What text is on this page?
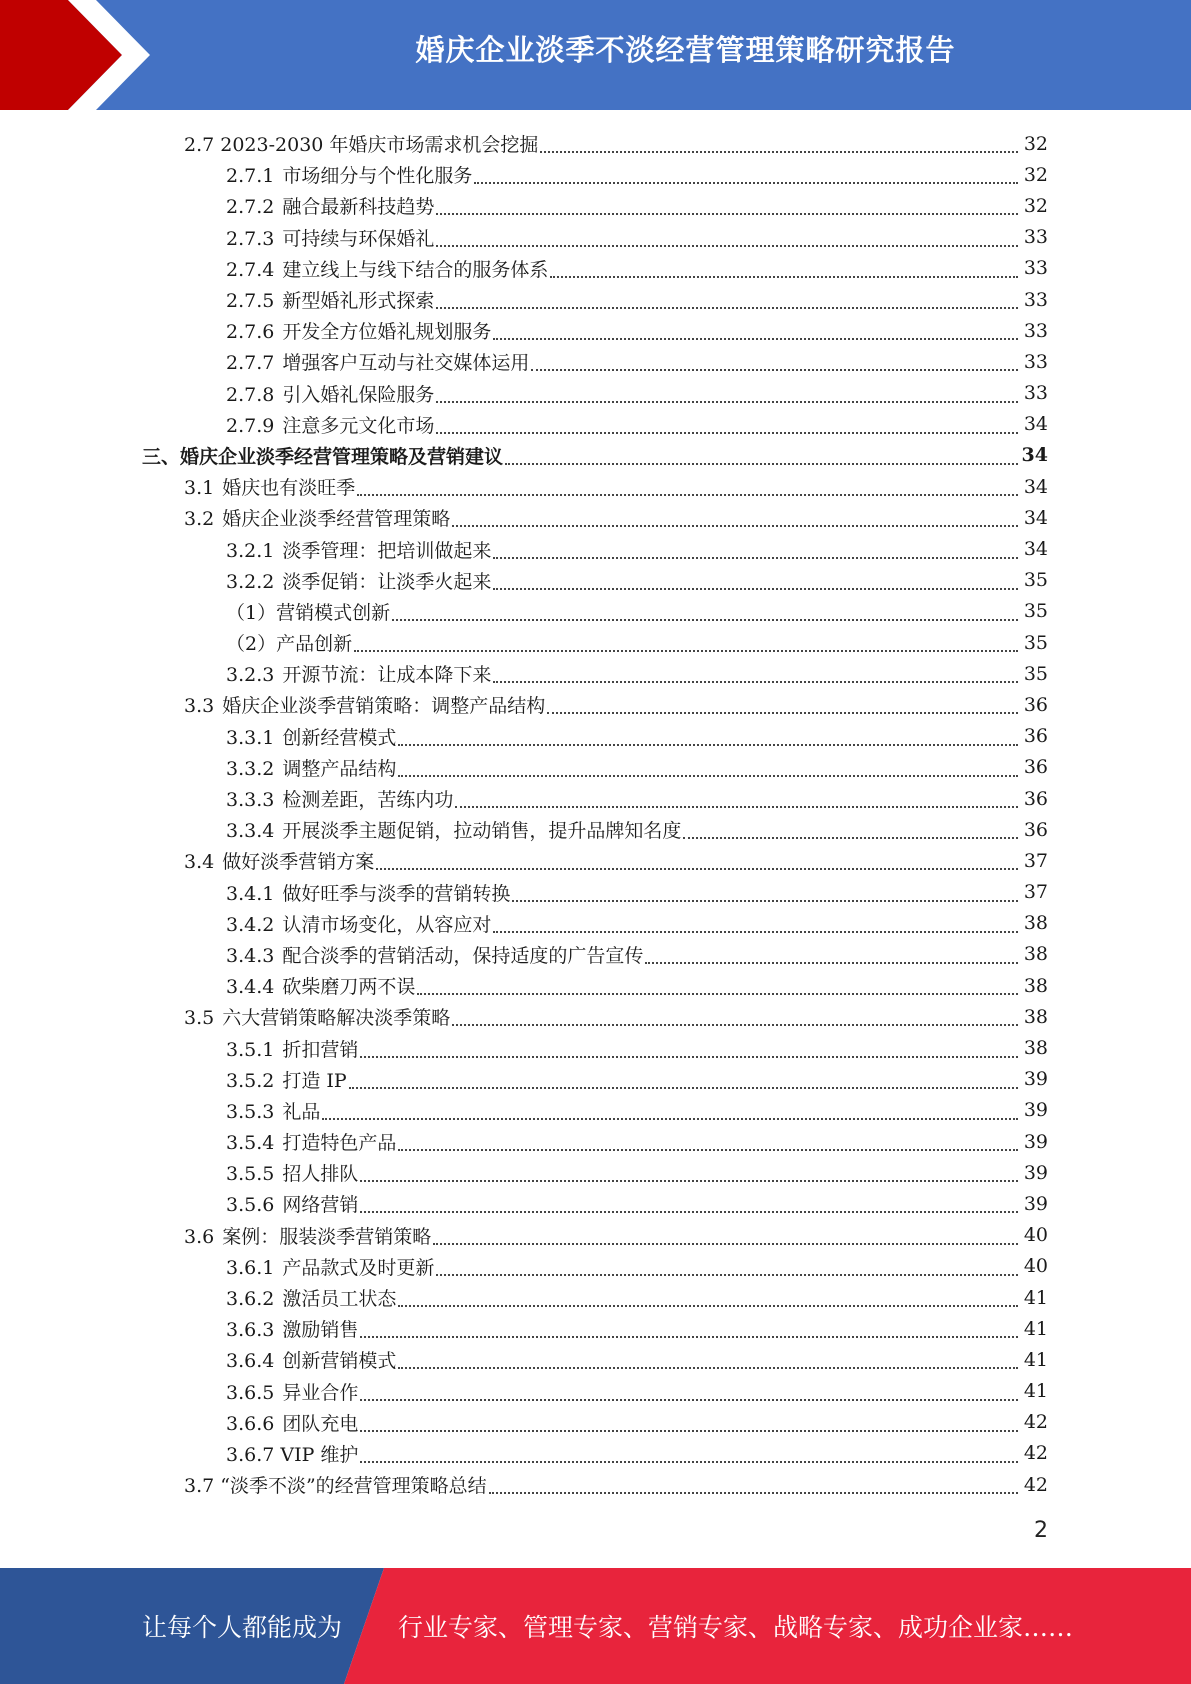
婚庆企业淡季不淡经营管理策略研究报告
2.7 2023-2030 年婚庆市场需求机会挖掘	32
2.7.1 市场细分与个性化服务	32
2.7.2 融合最新科技趋势	32
2.7.3 可持续与环保婚礼	33
2.7.4 建立线上与线下结合的服务体系	33
2.7.5 新型婚礼形式探索	33
2.7.6 开发全方位婚礼规划服务	33
2.7.7 增强客户互动与社交媒体运用	33
2.7.8 引入婚礼保险服务	33
2.7.9 注意多元文化市场	34
三、婚庆企业淡季经营管理策略及营销建议	34
3.1 婚庆也有淡旺季	34
3.2 婚庆企业淡季经营管理策略	34
3.2.1 淡季管理：把培训做起来	34
3.2.2 淡季促销：让淡季火起来	35
（1）营销模式创新	35
（2）产品创新	35
3.2.3 开源节流：让成本降下来	35
3.3 婚庆企业淡季营销策略：调整产品结构	36
3.3.1 创新经营模式	36
3.3.2 调整产品结构	36
3.3.3 检测差距，苦练内功	36
3.3.4 开展淡季主题促销，拉动销售，提升品牌知名度	36
3.4 做好淡季营销方案	37
3.4.1 做好旺季与淡季的营销转换	37
3.4.2 认清市场变化，从容应对	38
3.4.3 配合淡季的营销活动，保持适度的广告宣传	38
3.4.4 砍柴磨刀两不误	38
3.5 六大营销策略解决淡季策略	38
3.5.1 折扣营销	38
3.5.2 打造 IP	39
3.5.3 礼品	39
3.5.4 打造特色产品	39
3.5.5 招人排队	39
3.5.6 网络营销	39
3.6 案例：服装淡季营销策略	40
3.6.1 产品款式及时更新	40
3.6.2 激活员工状态	41
3.6.3 激励销售	41
3.6.4 创新营销模式	41
3.6.5 异业合作	41
3.6.6 团队充电	42
3.6.7 VIP 维护	42
3.7 “淡季不淡”的经营管理策略总结	42
2
让每个人都能成为 行业专家、管理专家、营销专家、战略专家、成功企业家……
